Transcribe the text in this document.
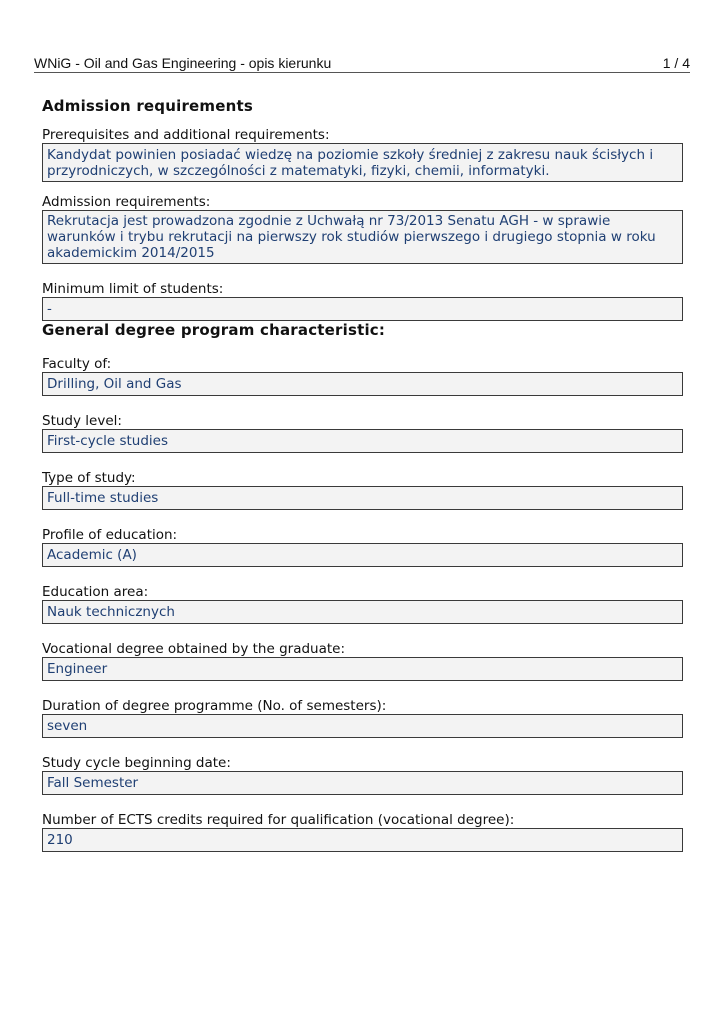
WNiG - Oil and Gas Engineering - opis kierunku	1 / 4
Admission requirements
Prerequisites and additional requirements:
Kandydat powinien posiadać wiedzę na poziomie szkoły średniej z zakresu nauk ścisłych i przyrodniczych, w szczególności z matematyki, fizyki, chemii, informatyki.
Admission requirements:
Rekrutacja jest prowadzona zgodnie z Uchwałą nr 73/2013 Senatu AGH - w sprawie warunków i trybu rekrutacji na pierwszy rok studiów pierwszego i drugiego stopnia w roku akademickim 2014/2015
Minimum limit of students:
-
General degree program characteristic:
Faculty of:
Drilling, Oil and Gas
Study level:
First-cycle studies
Type of study:
Full-time studies
Profile of education:
Academic (A)
Education area:
Nauk technicznych
Vocational degree obtained by the graduate:
Engineer
Duration of degree programme (No. of semesters):
seven
Study cycle beginning date:
Fall Semester
Number of ECTS credits required for qualification (vocational degree):
210
